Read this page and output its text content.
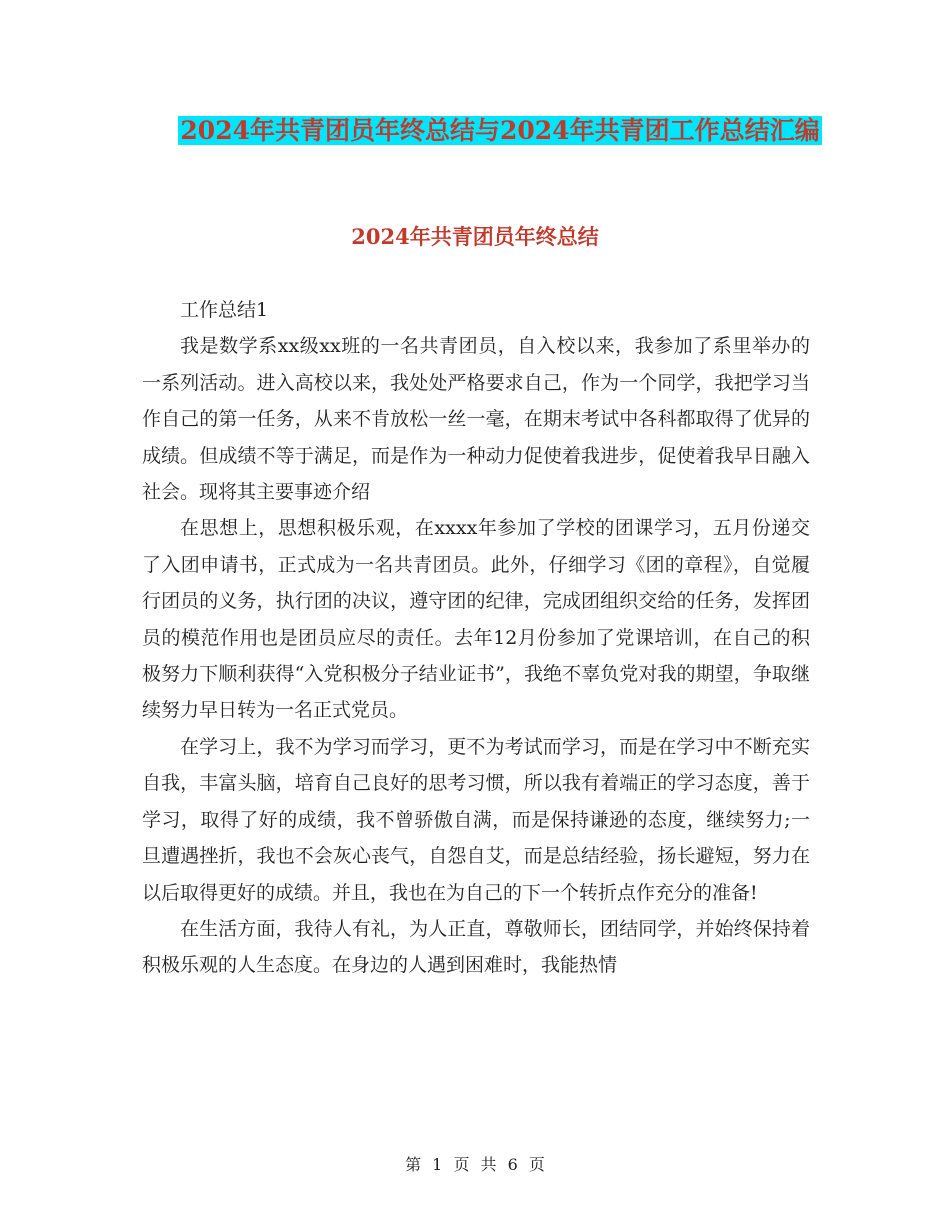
2024年共青团员年终总结与2024年共青团工作总结汇编
2024年共青团员年终总结

工作总结1

我是数学系xx级xx班的一名共青团员，自入校以来，我参加了系里举办的一系列活动。进入高校以来，我处处严格要求自己，作为一个同学，我把学习当作自己的第一任务，从来不肯放松一丝一毫，在期末考试中各科都取得了优异的成绩。但成绩不等于满足，而是作为一种动力促使着我进步，促使着我早日融入社会。现将其主要事迹介绍

在思想上，思想积极乐观，在xxxx年参加了学校的团课学习，五月份递交了入团申请书，正式成为一名共青团员。此外，仔细学习《团的章程》，自觉履行团员的义务，执行团的决议，遵守团的纪律，完成团组织交给的任务，发挥团员的模范作用也是团员应尽的责任。去年12月份参加了党课培训，在自己的积极努力下顺利获得“入党积极分子结业证书”，我绝不辜负党对我的期望，争取继续努力早日转为一名正式党员。

在学习上，我不为学习而学习，更不为考试而学习，而是在学习中不断充实自我，丰富头脑，培育自己良好的思考习惯，所以我有着端正的学习态度，善于学习，取得了好的成绩，我不曾骄傲自满，而是保持谦逊的态度，继续努力;一旦遭遇挫折，我也不会灰心丧气，自怨自艾，而是总结经验，扬长避短，努力在以后取得更好的成绩。并且，我也在为自己的下一个转折点作充分的准备!

在生活方面，我待人有礼，为人正直，尊敬师长，团结同学，并始终保持着积极乐观的人生态度。在身边的人遇到困难时，我能热情

第 1 页 共 6 页
